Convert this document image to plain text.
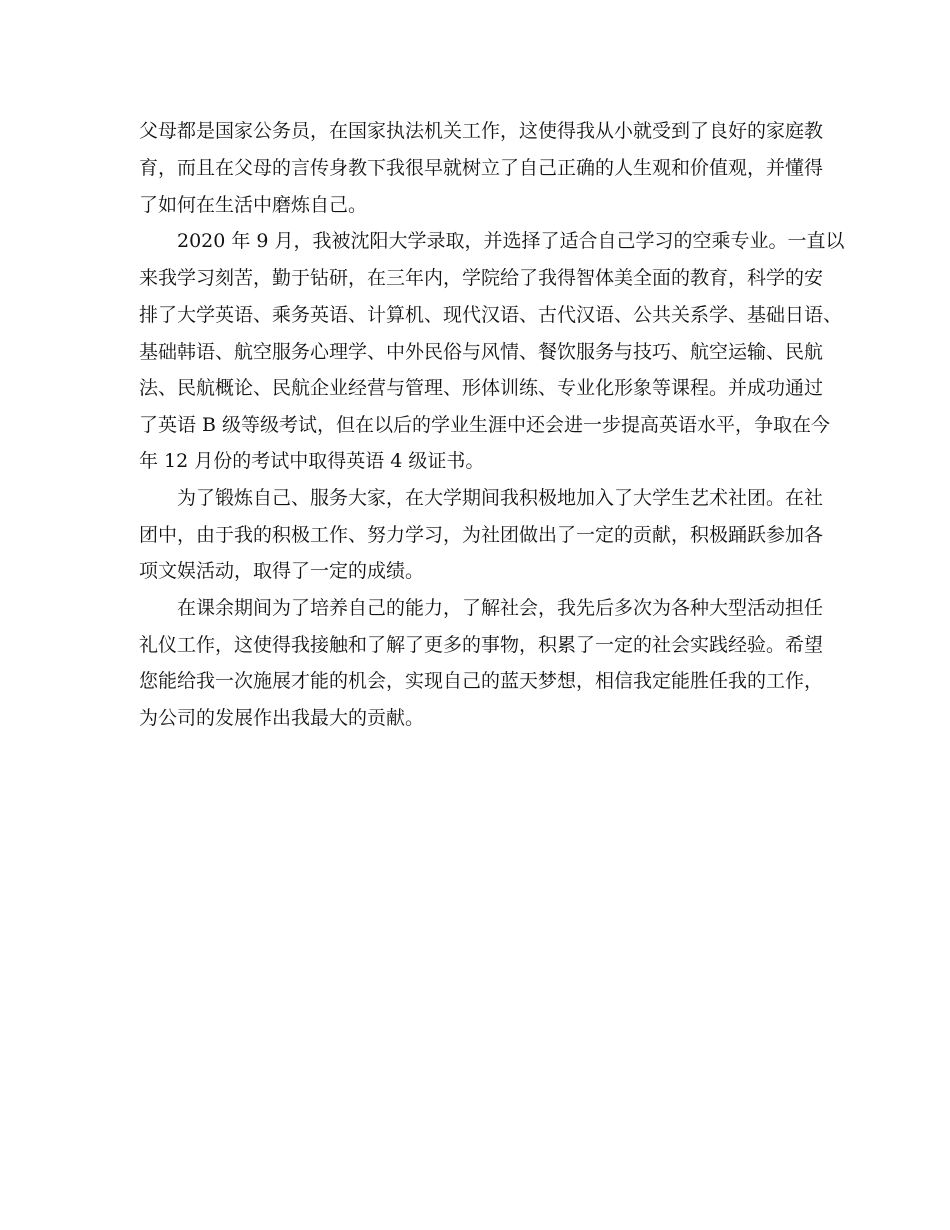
父母都是国家公务员，在国家执法机关工作，这使得我从小就受到了良好的家庭教
育，而且在父母的言传身教下我很早就树立了自己正确的人生观和价值观，并懂得
了如何在生活中磨炼自己。
2020 年 9 月，我被沈阳大学录取，并选择了适合自己学习的空乘专业。一直以
来我学习刻苦，勤于钻研，在三年内，学院给了我得智体美全面的教育，科学的安
排了大学英语、乘务英语、计算机、现代汉语、古代汉语、公共关系学、基础日语、
基础韩语、航空服务心理学、中外民俗与风情、餐饮服务与技巧、航空运输、民航
法、民航概论、民航企业经营与管理、形体训练、专业化形象等课程。并成功通过
了英语 B 级等级考试，但在以后的学业生涯中还会进一步提高英语水平，争取在今
年 12 月份的考试中取得英语 4 级证书。
为了锻炼自己、服务大家，在大学期间我积极地加入了大学生艺术社团。在社
团中，由于我的积极工作、努力学习，为社团做出了一定的贡献，积极踊跃参加各
项文娱活动，取得了一定的成绩。
在课余期间为了培养自己的能力，了解社会，我先后多次为各种大型活动担任
礼仪工作，这使得我接触和了解了更多的事物，积累了一定的社会实践经验。希望
您能给我一次施展才能的机会，实现自己的蓝天梦想，相信我定能胜任我的工作，
为公司的发展作出我最大的贡献。
